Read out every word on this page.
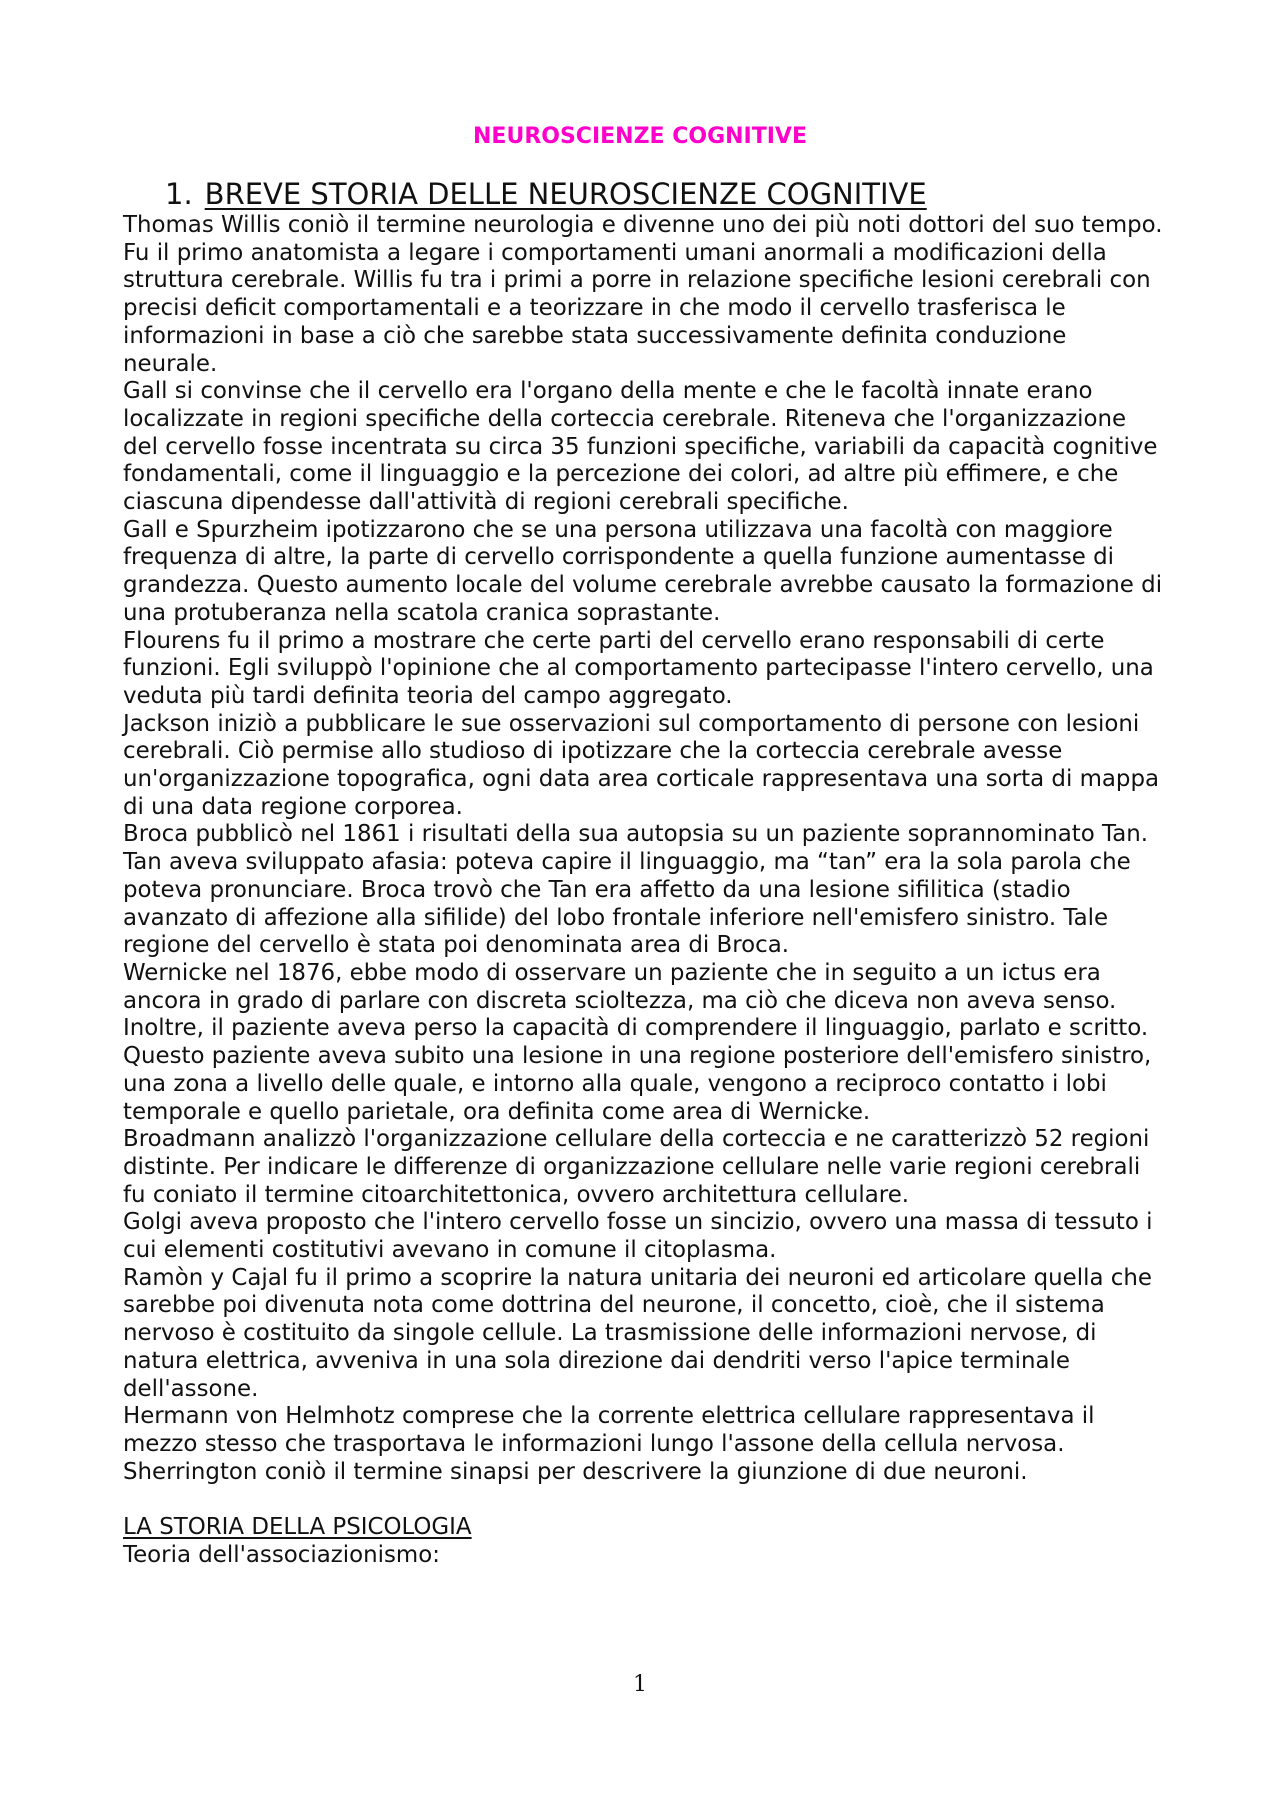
NEUROSCIENZE COGNITIVE
1. BREVE STORIA DELLE NEUROSCIENZE COGNITIVE

Thomas Willis coniò il termine neurologia e divenne uno dei più noti dottori del suo tempo. Fu il primo anatomista a legare i comportamenti umani anormali a modificazioni della struttura cerebrale. Willis fu tra i primi a porre in relazione specifiche lesioni cerebrali con precisi deficit comportamentali e a teorizzare in che modo il cervello trasferisca le informazioni in base a ciò che sarebbe stata successivamente definita conduzione neurale.

Gall si convinse che il cervello era l'organo della mente e che le facoltà innate erano localizzate in regioni specifiche della corteccia cerebrale. Riteneva che l'organizzazione del cervello fosse incentrata su circa 35 funzioni specifiche, variabili da capacità cognitive fondamentali, come il linguaggio e la percezione dei colori, ad altre più effimere, e che ciascuna dipendesse dall'attività di regioni cerebrali specifiche.

Gall e Spurzheim ipotizzarono che se una persona utilizzava una facoltà con maggiore frequenza di altre, la parte di cervello corrispondente a quella funzione aumentasse di grandezza. Questo aumento locale del volume cerebrale avrebbe causato la formazione di una protuberanza nella scatola cranica soprastante.

Flourens fu il primo a mostrare che certe parti del cervello erano responsabili di certe funzioni. Egli sviluppò l'opinione che al comportamento partecipasse l'intero cervello, una veduta più tardi definita teoria del campo aggregato.

Jackson iniziò a pubblicare le sue osservazioni sul comportamento di persone con lesioni cerebrali. Ciò permise allo studioso di ipotizzare che la corteccia cerebrale avesse un'organizzazione topografica, ogni data area corticale rappresentava una sorta di mappa di una data regione corporea.

Broca pubblicò nel 1861 i risultati della sua autopsia su un paziente soprannominato Tan. Tan aveva sviluppato afasia: poteva capire il linguaggio, ma “tan” era la sola parola che poteva pronunciare. Broca trovò che Tan era affetto da una lesione sifilitica (stadio avanzato di affezione alla sifilide) del lobo frontale inferiore nell'emisfero sinistro. Tale regione del cervello è stata poi denominata area di Broca.

Wernicke nel 1876, ebbe modo di osservare un paziente che in seguito a un ictus era ancora in grado di parlare con discreta scioltezza, ma ciò che diceva non aveva senso. Inoltre, il paziente aveva perso la capacità di comprendere il linguaggio, parlato e scritto. Questo paziente aveva subito una lesione in una regione posteriore dell'emisfero sinistro, una zona a livello delle quale, e intorno alla quale, vengono a reciproco contatto i lobi temporale e quello parietale, ora definita come area di Wernicke.

Broadmann analizzò l'organizzazione cellulare della corteccia e ne caratterizzò 52 regioni distinte. Per indicare le differenze di organizzazione cellulare nelle varie regioni cerebrali fu coniato il termine citoarchitettonica, ovvero architettura cellulare.

Golgi aveva proposto che l'intero cervello fosse un sincizio, ovvero una massa di tessuto i cui elementi costitutivi avevano in comune il citoplasma.

Ramòn y Cajal fu il primo a scoprire la natura unitaria dei neuroni ed articolare quella che sarebbe poi divenuta nota come dottrina del neurone, il concetto, cioè, che il sistema nervoso è costituito da singole cellule. La trasmissione delle informazioni nervose, di natura elettrica, avveniva in una sola direzione dai dendriti verso l'apice terminale dell'assone.

Hermann von Helmhotz comprese che la corrente elettrica cellulare rappresentava il mezzo stesso che trasportava le informazioni lungo l'assone della cellula nervosa.

Sherrington coniò il termine sinapsi per descrivere la giunzione di due neuroni.

LA STORIA DELLA PSICOLOGIA

Teoria dell'associazionismo:

1
